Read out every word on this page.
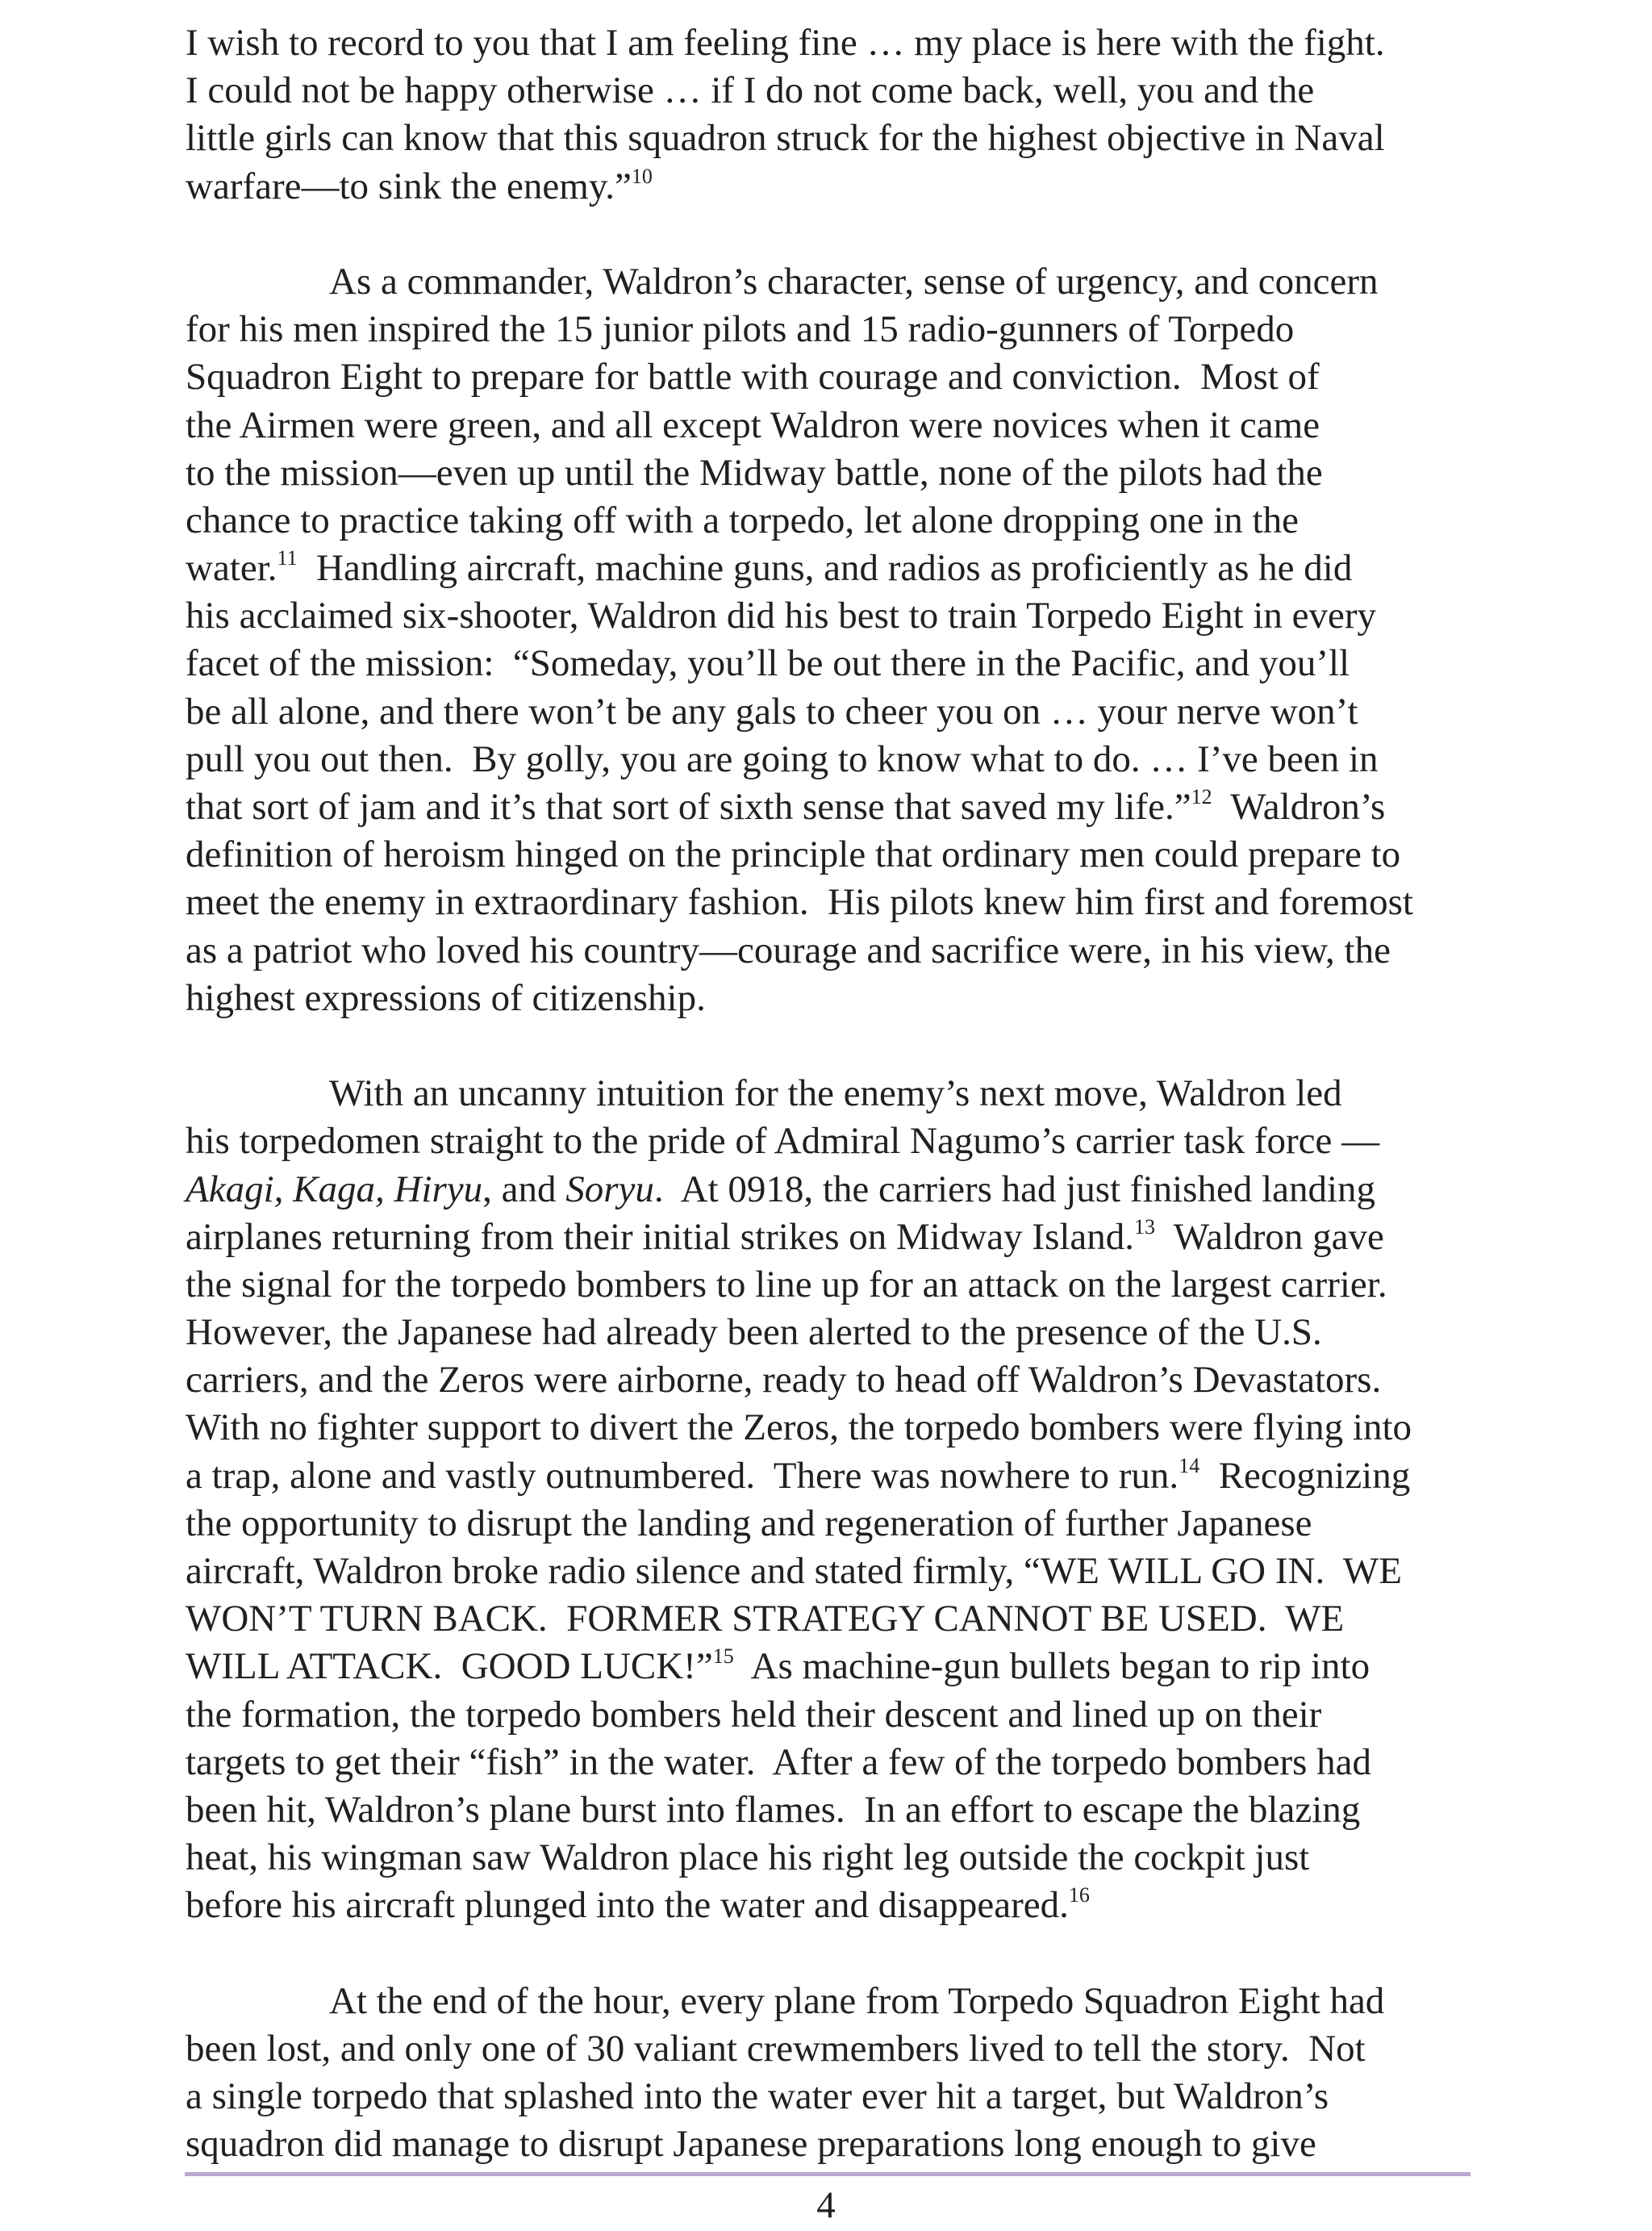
I wish to record to you that I am feeling fine … my place is here with the fight.
I could not be happy otherwise … if I do not come back, well, you and the
little girls can know that this squadron struck for the highest objective in Naval
warfare—to sink the enemy.”$^{10}$
As a commander, Waldron’s character, sense of urgency, and concern
for his men inspired the 15 junior pilots and 15 radio-gunners of Torpedo
Squadron Eight to prepare for battle with courage and conviction.  Most of
the Airmen were green, and all except Waldron were novices when it came
to the mission—even up until the Midway battle, none of the pilots had the
chance to practice taking off with a torpedo, let alone dropping one in the
water.$^{11}$  Handling aircraft, machine guns, and radios as proficiently as he did
his acclaimed six-shooter, Waldron did his best to train Torpedo Eight in every
facet of the mission:  “Someday, you’ll be out there in the Pacific, and you’ll
be all alone, and there won’t be any gals to cheer you on … your nerve won’t
pull you out then.  By golly, you are going to know what to do. … I’ve been in
that sort of jam and it’s that sort of sixth sense that saved my life.”$^{12}$  Waldron’s
definition of heroism hinged on the principle that ordinary men could prepare to
meet the enemy in extraordinary fashion.  His pilots knew him first and foremost
as a patriot who loved his country—courage and sacrifice were, in his view, the
highest expressions of citizenship.
With an uncanny intuition for the enemy’s next move, Waldron led
his torpedomen straight to the pride of Admiral Nagumo’s carrier task force —
Akagi, Kaga, Hiryu, and Soryu.  At 0918, the carriers had just finished landing
airplanes returning from their initial strikes on Midway Island.$^{13}$  Waldron gave
the signal for the torpedo bombers to line up for an attack on the largest carrier.
However, the Japanese had already been alerted to the presence of the U.S.
carriers, and the Zeros were airborne, ready to head off Waldron’s Devastators.
With no fighter support to divert the Zeros, the torpedo bombers were flying into
a trap, alone and vastly outnumbered.  There was nowhere to run.$^{14}$  Recognizing
the opportunity to disrupt the landing and regeneration of further Japanese
aircraft, Waldron broke radio silence and stated firmly, “WE WILL GO IN.  WE
WON’T TURN BACK.  FORMER STRATEGY CANNOT BE USED.  WE
WILL ATTACK.  GOOD LUCK!”$^{15}$  As machine-gun bullets began to rip into
the formation, the torpedo bombers held their descent and lined up on their
targets to get their “fish” in the water.  After a few of the torpedo bombers had
been hit, Waldron’s plane burst into flames.  In an effort to escape the blazing
heat, his wingman saw Waldron place his right leg outside the cockpit just
before his aircraft plunged into the water and disappeared.$^{16}$
At the end of the hour, every plane from Torpedo Squadron Eight had
been lost, and only one of 30 valiant crewmembers lived to tell the story.  Not
a single torpedo that splashed into the water ever hit a target, but Waldron’s
squadron did manage to disrupt Japanese preparations long enough to give
4
